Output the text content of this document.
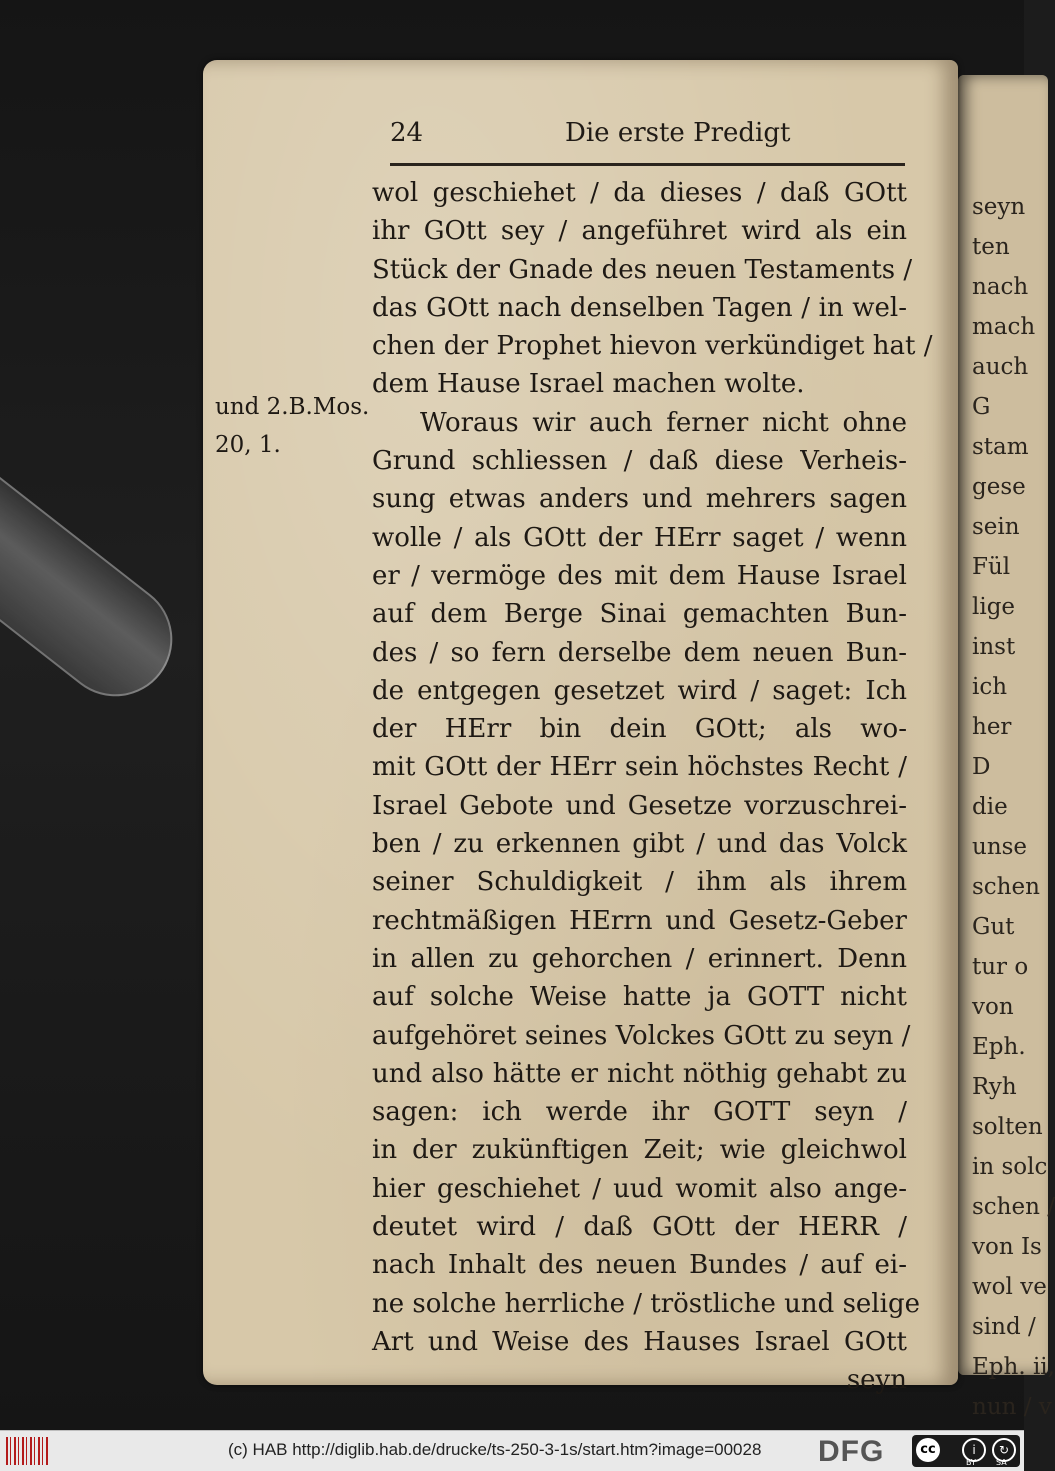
seyn
ten
nach
mach
auch
G
stam
gese
sein
Fül
lige
inst
ich
her
D
die
unse
schen
Gut
tur o
von
Eph.
Ryh
solten
in solc
schen /
von Is
wol ve
sind /
Eph. ii,
nun / v
24	Die erste Predigt
und 2.B.Mos.
20, 1.
wol geschiehet / da dieses / daß GOtt
ihr GOtt sey / angeführet wird als ein
Stück der Gnade des neuen Testaments /
das GOtt nach denselben Tagen / in wel-
chen der Prophet hievon verkündiget hat /
dem Hause Israel machen wolte.
Woraus wir auch ferner nicht ohne
Grund schliessen / daß diese Verheis-
sung etwas anders und mehrers sagen
wolle / als GOtt der HErr saget / wenn
er / vermöge des mit dem Hause Israel
auf dem Berge Sinai gemachten Bun-
des / so fern derselbe dem neuen Bun-
de entgegen gesetzet wird / saget: Ich
der HErr bin dein GOtt; als wo-
mit GOtt der HErr sein höchstes Recht /
Israel Gebote und Gesetze vorzuschrei-
ben / zu erkennen gibt / und das Volck
seiner Schuldigkeit / ihm als ihrem
rechtmäßigen HErrn und Gesetz-Geber
in allen zu gehorchen / erinnert. Denn
auf solche Weise hatte ja GOTT nicht
aufgehöret seines Volckes GOtt zu seyn /
und also hätte er nicht nöthig gehabt zu
sagen: ich werde ihr GOTT seyn /
in der zukünftigen Zeit; wie gleichwol
hier geschiehet / uud womit also ange-
deutet wird / daß GOtt der HERR /
nach Inhalt des neuen Bundes / auf ei-
ne solche herrliche / tröstliche und selige
Art und Weise des Hauses Israel GOtt
seyn
(c) HAB http://diglib.hab.de/drucke/ts-250-3-1s/start.htm?image=00028 DFG	cc	i	↻
BY	SA
